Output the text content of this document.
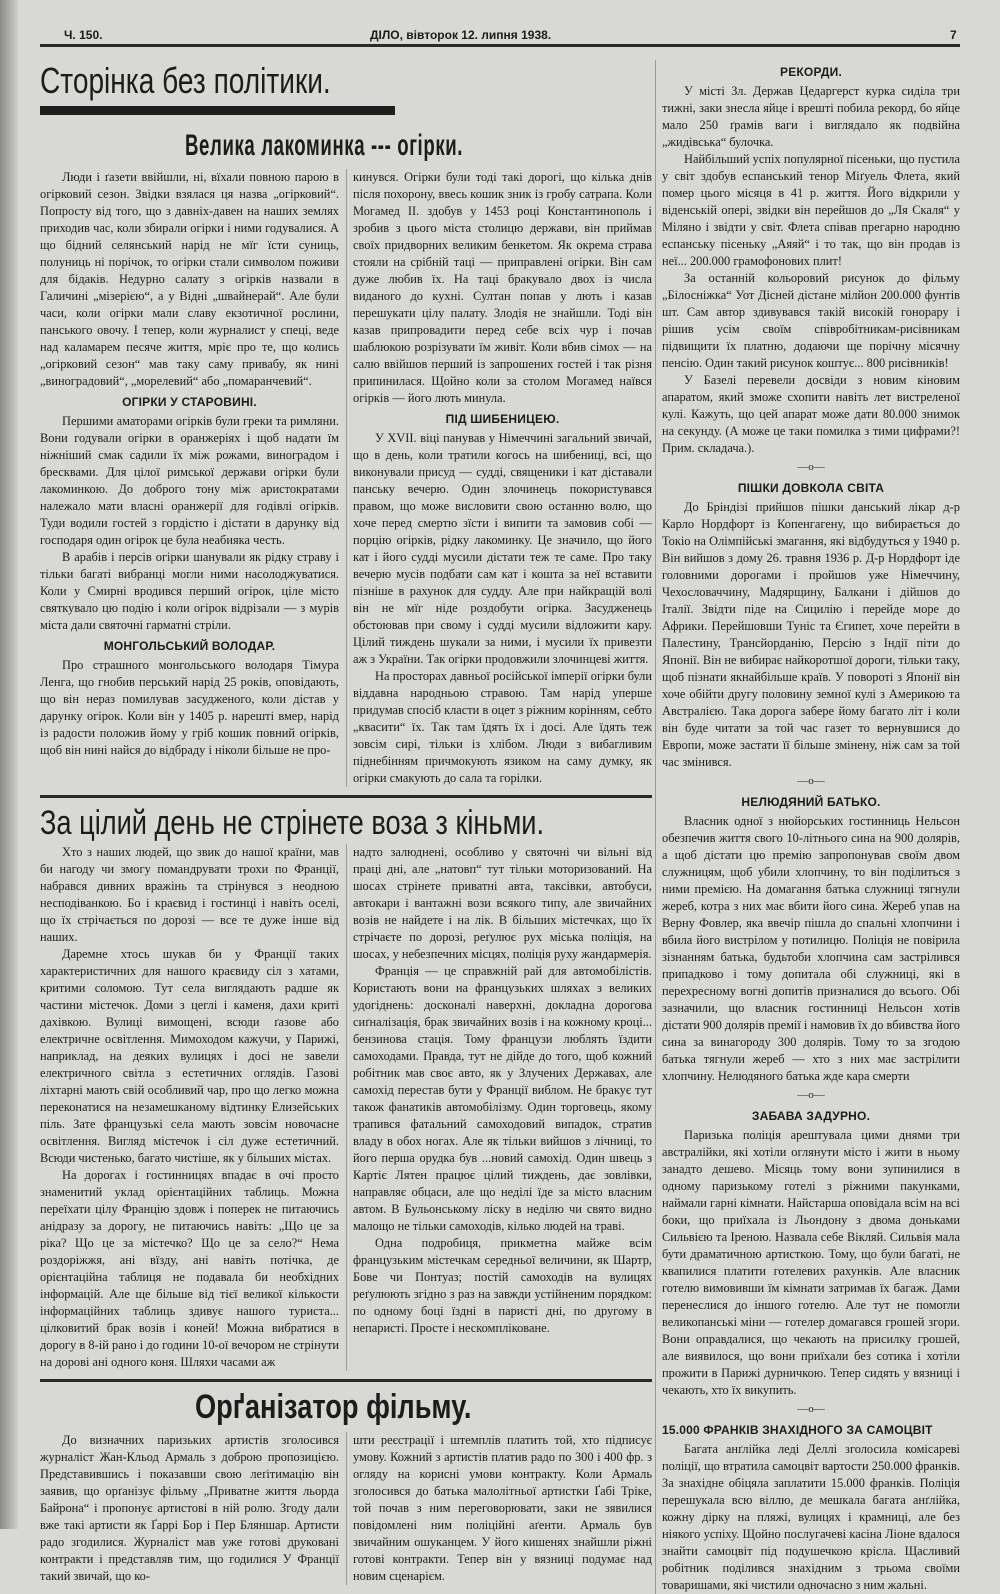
Ч. 150.	ДІЛО, вівторок 12. липня 1938.	7
Сторінка без політики.
Велика лакоминка --- огірки.

Люди і ґазети ввійшли, ні, вїхали повною парою в огірковий сезон. Звідки взялася ця назва „огірковий“. Попросту від того, що з давніх-давен на наших землях приходив час, коли збирали огірки і ними годувалися. А що бідний селянський нарід не мїг їсти суниць, полуниць ні порічок, то огірки стали символом поживи для бідаків. Недурно салату з огірків назвали в Галичині „мізерією“, а у Відні „швайнерай“. Але були часи, коли огірки мали славу екзотичної рослини, панського овочу. І тепер, коли журналист у спеці, веде над каламарем песяче життя, мріє про те, що колись „огірковий сезон“ мав таку саму привабу, як нині „виноградовий“, „морелевий“ або „помаранчевий“.

ОГІРКИ У СТАРОВИНІ.

Першими аматорами огірків були греки та римляни. Вони годували огірки в оранжеріях і щоб надати їм ніжніший смак садили їх між рожами, виноградом і бресквами. Для цілої римської держави огірки були лакоминкою. До доброго тону між аристократами належало мати власні оранжерії для годівлі огірків. Туди водили гостей з гордістю і дістати в дарунку від господаря один огірок це була неабияка честь.

В арабів і персів огірки шанували як рідку страву і тільки багаті вибранці могли ними насолоджуватися. Коли у Смирні вродився перший огірок, ціле місто святкувало цю подію і коли огірок відрізали — з мурів міста дали святочні гарматні стріли.

МОНГОЛЬСЬКИЙ ВОЛОДАР.

Про страшного монгольського володаря Тімура Ленга, що гнобив перський нарід 25 років, оповідають, що він нераз помилував засудженого, коли дістав у дарунку огірок. Коли він у 1405 р. нарешті вмер, нарід із радости положив йому у гріб кошик повний огірків, щоб він нині найся до відбраду і ніколи більше не про-

кинувся. Огірки були тоді такі дорогі, що кілька днів після похорону, ввесь кошик зник із гробу сатрапа. Коли Могамед II. здобув у 1453 році Константинополь і зробив з цього міста столицю держави, він приймав своїх придворних великим бенкетом. Як окрема страва стояли на срібній таці — приправлені огірки. Він сам дуже любив їх. На таці бракувало двох із числа виданого до кухні. Султан попав у лють і казав перешукати цілу палату. Злодія не знайшли. Тоді він казав припровадити перед себе всіх чур і почав шаблюкою розрізувати їм живіт. Коли вбив сімох — на салю ввійшов перший із запрошених гостей і так різня припинилася. Щойно коли за столом Могамед наївся огірків — його лють минула.

ПІД ШИБЕНИЦЕЮ.

У XVII. віці панував у Німеччині загальний звичай, що в день, коли тратили когось на шибениці, всі, що виконували присуд — судді, священики і кат діставали панську вечерю. Один злочинець покористувався правом, що може висловити свою останню волю, що хоче перед смертю зїсти і випити та замовив собі — порцію огірків, рідку лакоминку. Це значило, що його кат і його судді мусили дістати теж те саме. Про таку вечерю мусів подбати сам кат і кошта за неї вставити пізніше в рахунок для судду. Але при найкращій волі він не мїг ніде роздобути огірка. Засудженець обстоював при свому і судді мусили відложити кару. Цілий тиждень шукали за ними, і мусили їх привезти аж з України. Так огірки продовжили злочинцеві життя.

На просторах давньої російської імперії огірки були віддавна народньою стравою. Там нарід уперше придумав спосіб класти в оцет з ріжним корінням, себто „квасити“ їх. Так там їдять їх і досі. Але їдять теж зовсім сирі, тільки із хлібом. Люди з вибагливим піднебінням причмокують язиком на саму думку, як огірки смакують до сала та горілки.

За цілий день не стрінете воза з кіньми.

Хто з наших людей, що звик до нашої країни, мав би нагоду чи змогу помандрувати трохи по Франції, набрався дивних вражінь та стрінувся з неодною несподіванкою. Бо і краєвид і гостинці і навіть оселі, що їх стрічається по дорозі — все те дуже інше від наших.

Даремне хтось шукав би у Франції таких характеристичних для нашого краєвиду сіл з хатами, критими соломою. Тут села виглядають радше як частини містечок. Доми з цеглі і каменя, дахи криті дахівкою. Вулиці вимощені, всюди ґазове або електричне освітлення. Мимоходом кажучи, у Парижі, наприклад, на деяких вулицях і досі не завели електричного світла з естетичних оглядів. Газові ліхтарні мають свій особливий чар, про що легко можна переконатися на незамешканому відтинку Елизейських піль. Зате французькі села мають зовсім новочасне освітлення. Вигляд містечок і сіл дуже естетичний. Всюди чистенько, багато чистіше, як у більших містах.

На дорогах і гостинницях впадає в очі просто знаменитий уклад орієнтаційних таблиць. Можна переїхати цілу Францію здовж і поперек не питаючись анідразу за дорогу, не питаючись навіть: „Що це за ріка? Що це за містечко? Що це за село?“ Нема роздоріжжя, ані вїзду, ані навіть потічка, де орієнтаційна таблиця не подавала би необхідних інформацій. Але ще більше від тієї великої кількости інформаційних таблиць здивує нашого туриста... цілковитий брак возів і коней! Можна вибратися в дорогу в 8-ій рано і до години 10-ої вечором не стрінути на дорові ані одного коня. Шляхи часами аж

надто залюднені, особливо у святочні чи вільні від праці дні, але „натовп“ тут тільки моторизований. На шосах стрінете приватні авта, таксівки, автобуси, автокари і вантажні вози всякого типу, але звичайних возів не найдете і на лік. В більших містечках, що їх стрічаєте по дорозі, реґулює рух міська поліція, на шосах, у небезпечних місцях, поліція руху жандармерія.

Франція — це справжній рай для автомобілістів. Користають вони на французьких шляхах з великих удогіднень: досконалі наверхні, докладна дорогова сиґналізація, брак звичайних возів і на кожному кроці... бензинова стація. Тому французи люблять їздити самоходами. Правда, тут не дійде до того, щоб кожний робітник мав своє авто, як у Злучених Державах, але самохід перестав бути у Франції виблом. Не бракує тут також фанатиків автомобілізму. Один торговець, якому трапився фатальний самоходовий випадок, стратив владу в обох ногах. Але як тільки вийшов з лічниці, то його перша орудка був ...новий самохід. Один швець з Картіє Лятен працює цілий тиждень, дає зовлівки, направляє обцаси, але що неділі їде за місто власним автом. В Бульонському ліску в неділю чи свято видно малощо не тільки самоходів, кілько людей на траві.

Одна подробиця, прикметна майже всім французьким містечкам середньої величини, як Шартр, Бове чи Понтуаз; постій самоходів на вулицях реґулюють згідно з раз на завжди устійненим порядком: по одному боці їздні в паристі дні, по другому в непаристі. Просте і нескомпліковане.

Орґанізатор фільму.

До визначних паризьких артистів зголосився журналіст Жан-Кльод Армаль з доброю пропозицією. Представившись і показавши свою леґітимацію він заявив, що орґанізує фільму „Приватне життя льорда Байрона“ і пропонує артистові в ній ролю. Згоду дали вже такі артисти як Ґаррі Бор і Пер Бляншар. Артисти радо згодилися. Журналіст мав уже готові друковані контракти і представляв тим, що годилися У Франції такий звичай, що ко-

шти реєстрації і штемплів платить той, хто підписує умову. Кожний з артистів платив радо по 300 і 400 фр. з огляду на корисні умови контракту. Коли Армаль зголосився до батька малолітньої артистки Ґабі Тріке, той почав з ним переговорювати, заки не зявилися повідомлені ним поліційні аґенти. Армаль був звичайним ошуканцем. У його кишенях знайшли ріжні готові контракти. Тепер він у вязниці подумає над новим сценарієм.

РЕКОРДИ.

У місті Зл. Держав Цедаргерст курка сиділа три тижні, заки знесла яйце і врешті побила рекорд, бо яйце мало 250 ґрамів ваги і виглядало як подвійна „жидівська“ булочка.

Найбільший успіх популярної пісеньки, що пустила у світ здобув еспанський тенор Міґуель Флета, який помер цього місяця в 41 р. життя. Його відкрили у віденській опері, звідки він перейшов до „Ля Скаля“ у Міляно і звідти у світ. Флета співав прегарно народню еспанську пісеньку „Аяяй“ і то так, що він продав із неї... 200.000 грамофонових плит!

За останній кольоровий рисунок до фільму „Білосніжка“ Уот Дісней дістане мілйон 200.000 фунтів шт. Сам автор здивувався такій високій гонорару і рішив усім своїм співробітникам-рисівникам підвищити їх платню, додаючи ще порічну місячну пенсію. Один такий рисунок коштує... 800 рисівників!

У Базелі перевели досвіди з новим кіновим апаратом, який зможе схопити навіть лет вистреленої кулі. Кажуть, що цей апарат може дати 80.000 знимок на секунду. (А може це таки помилка з тими цифрами?! Прим. складача.).

—o—
ПІШКИ ДОВКОЛА СВІТА

До Бріндізі прийшов пішки данський лікар д-р Карло Нордфорт із Копенгагену, що вибирається до Токіо на Олімпійські змагання, які відбудуться у 1940 р. Він вийшов з дому 26. травня 1936 р. Д-р Нордфорт іде головними дорогами і пройшов уже Німеччину, Чехословаччину, Мадярщину, Балкани і дійшов до Італії. Звідти піде на Сицилію і перейде море до Африки. Перейшовши Туніс та Єгипет, хоче перейти в Палестину, Трансйорданію, Персію з Індії піти до Японії. Він не вибирає найкоротшої дороги, тільки таку, щоб пізнати якнайбільше країв. У повороті з Японії він хоче обійти другу половину земної кулі з Америкою та Австралією. Така дорога забере йому багато літ і коли він буде читати за той час газет то вернувшися до Европи, може застати її більше змінену, ніж сам за той час змінився.

—o—
НЕЛЮДЯНИЙ БАТЬКО.

Власник одної з нюйорських гостинниць Нельсон обезпечив життя свого 10-літнього сина на 900 долярів, а щоб дістати цю премію запропонував своїм двом служницям, щоб убили хлопчину, то він поділиться з ними премією. На домагання батька служниці тягнули жереб, котра з них має вбити його сина. Жереб упав на Верну Фовлер, яка ввечір пішла до спальні хлопчини і вбила його вистрілом у потилицю. Поліція не повірила зізнанням батька, будьтоби хлопчина сам застрілився припадково і тому допитала обі служниці, які в перехресному вогні допитів призналися до всього. Обі зазначили, що власник гостинниці Нельсон хотів дістати 900 долярів премії і намовив їх до вбивства його сина за винагороду 300 долярів. Тому то за згодою батька тягнули жереб — хто з них має застрілити хлопчину. Нелюдяного батька жде кара смерти

—o—
ЗАБАВА ЗАДУРНО.

Паризька поліція арештувала цими днями три австралійки, які хотіли оглянути місто і жити в ньому занадто дешево. Місяць тому вони зупинилися в одному паризькому готелі з ріжними пакунками, наймали гарні кімнати. Найстарша оповідала всім на всі боки, що приїхала із Льондону з двома доньками Сильвією та Іреною. Назвала себе Вікляй. Сильвія мала бути драматичною артисткою. Тому, що були багаті, не квапилися платити готелевих рахунків. Але власник готелю вимовивши їм кімнати затримав їх багаж. Дами перенеслися до іншого готелю. Але тут не помогли великопанські міни — готелер домагався грошей згори. Вони оправдалися, що чекають на присилку грошей, але виявилося, що вони приїхали без сотика і хотіли прожити в Парижі дурничкою. Тепер сидять у вязниці і чекають, хто їх викупить.

—o—
15.000 ФРАНКІВ ЗНАХІДНОГО ЗА САМОЦВІТ

Багата анґлійка леді Деллі зголосила комісареві поліції, що втратила самоцвіт вартости 250.000 франків. За знахідне обіцяла заплатити 15.000 франків. Поліція перешукала всю віллю, де мешкала багата анґлійка, кожну дірку на пляжі, вулицях і крамниці, але без ніякого успіху. Щойно послугачеві касіна Ліоне вдалося знайти самоцвіт під подушечкою крісла. Щасливий робітник поділився знахідним з трьома своїми товаришами, які чистили одночасно з ним жальні.
